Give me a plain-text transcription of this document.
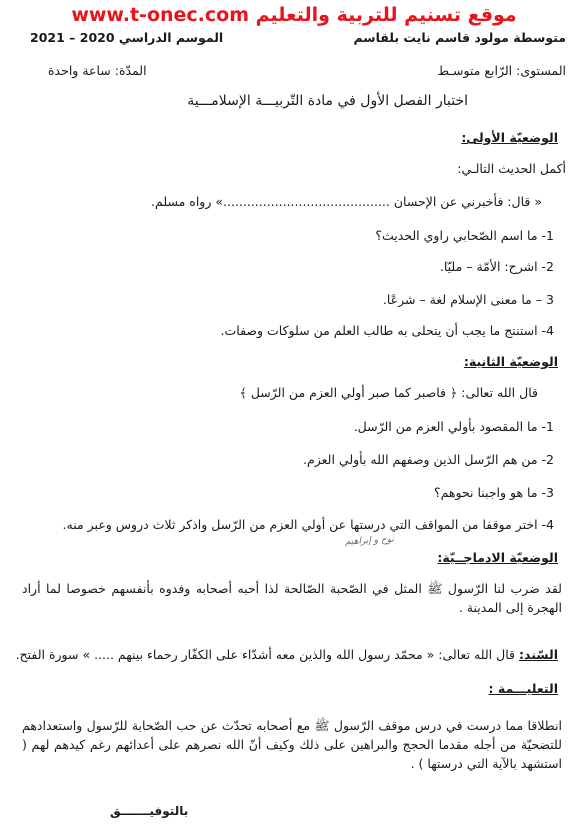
www.t-onec.com موقع تسنيم للتربية والتعليم
متوسطة مولود قاسم نايت بلقاسم
الموسم الدراسي 2020 – 2021
المستوى: الرّابع متوسـط
المدّة: ساعة واحدة
اختبار الفصل الأول في مادة التّربيـــة الإسلامـــية
الوضعيّة الأولى:
أكمل الحديث التالـي:
« قال: فأخبرني عن الإحسان ..........................................» رواه مسلم.
1- ما اسم الصّحابي راوي الحديث؟
2- اشرح: الأمّة – مليّا.
3 – ما معنى الإسلام لغة – شرعًا.
4- استنتج ما يجب أن يتحلى به طالب العلم من سلوكات وصفات.
الوضعيّة الثانية:
قال الله تعالى: ﴿ فاصبر كما صبر أولي العزم من الرّسل ﴾
1- ما المقصود بأولي العزم من الرّسل.
2- من هم الرّسل الذين وصفهم الله بأولي العزم.
3- ما هو واجبنا نحوهم؟
4- اختر موقفا من المواقف التي درستها عن أولي العزم من الرّسل واذكر ثلاث دروس وعبر منه.
نوح و إبراهيم
الوضعيّة الادماجــيّة:
لقد ضرب لنا الرّسول ﷺ المثل في الصّحبة الصّالحة لذا أحبه أصحابه وفدوه بأنفسهم خصوصا لما أراد الهجرة إلى المدينة .
السّند: قال الله تعالى: « محمّد رسول الله والذين معه أشدّاء على الكفّار رحماء بينهم ..... » سورة الفتح.
التعليـــمة :
انطلاقا مما درست في درس موقف الرّسول ﷺ مع أصحابه تحدّث عن حب الصّحابة للرّسول واستعدادهم للتضحيّة من أجله مقدما الحجج والبراهين على ذلك وكيف أنّ الله نصرهم على أعدائهم رغم كيدهم لهم ( استشهد بالآية التي درستها ) .
بالتوفيـــــــق
